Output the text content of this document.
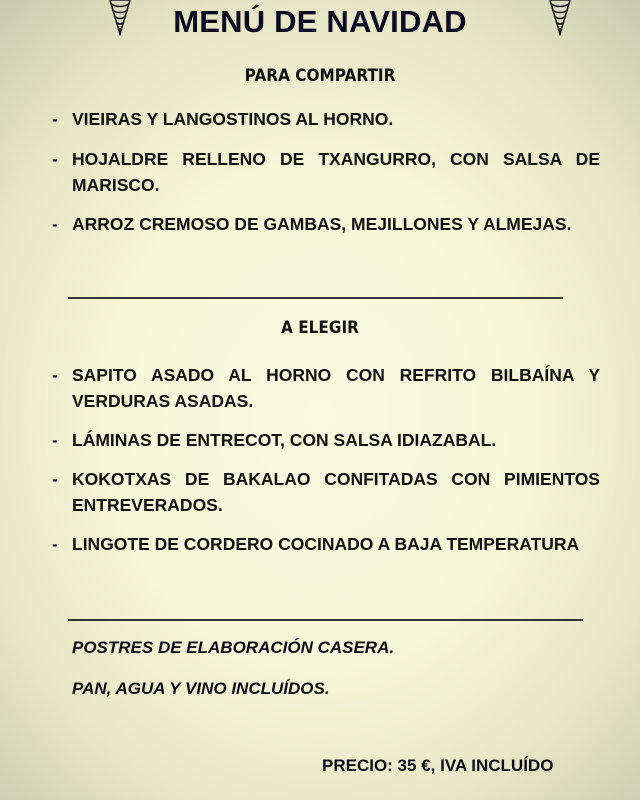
MENÚ DE NAVIDAD
PARA COMPARTIR
- VIEIRAS Y LANGOSTINOS AL HORNO.
- HOJALDRE RELLENO DE TXANGURRO, CON SALSA DE MARISCO.
- ARROZ CREMOSO DE GAMBAS, MEJILLONES Y ALMEJAS.
A ELEGIR
- SAPITO ASADO AL HORNO CON REFRITO BILBAÍNA Y VERDURAS ASADAS.
- LÁMINAS DE ENTRECOT, CON SALSA IDIAZABAL.
- KOKOTXAS DE BAKALAO CONFITADAS CON PIMIENTOS ENTREVERADOS.
- LINGOTE DE CORDERO COCINADO A BAJA TEMPERATURA
POSTRES DE ELABORACIÓN CASERA.
PAN, AGUA Y VINO INCLUÍDOS.
PRECIO: 35 €, IVA INCLUÍDO
